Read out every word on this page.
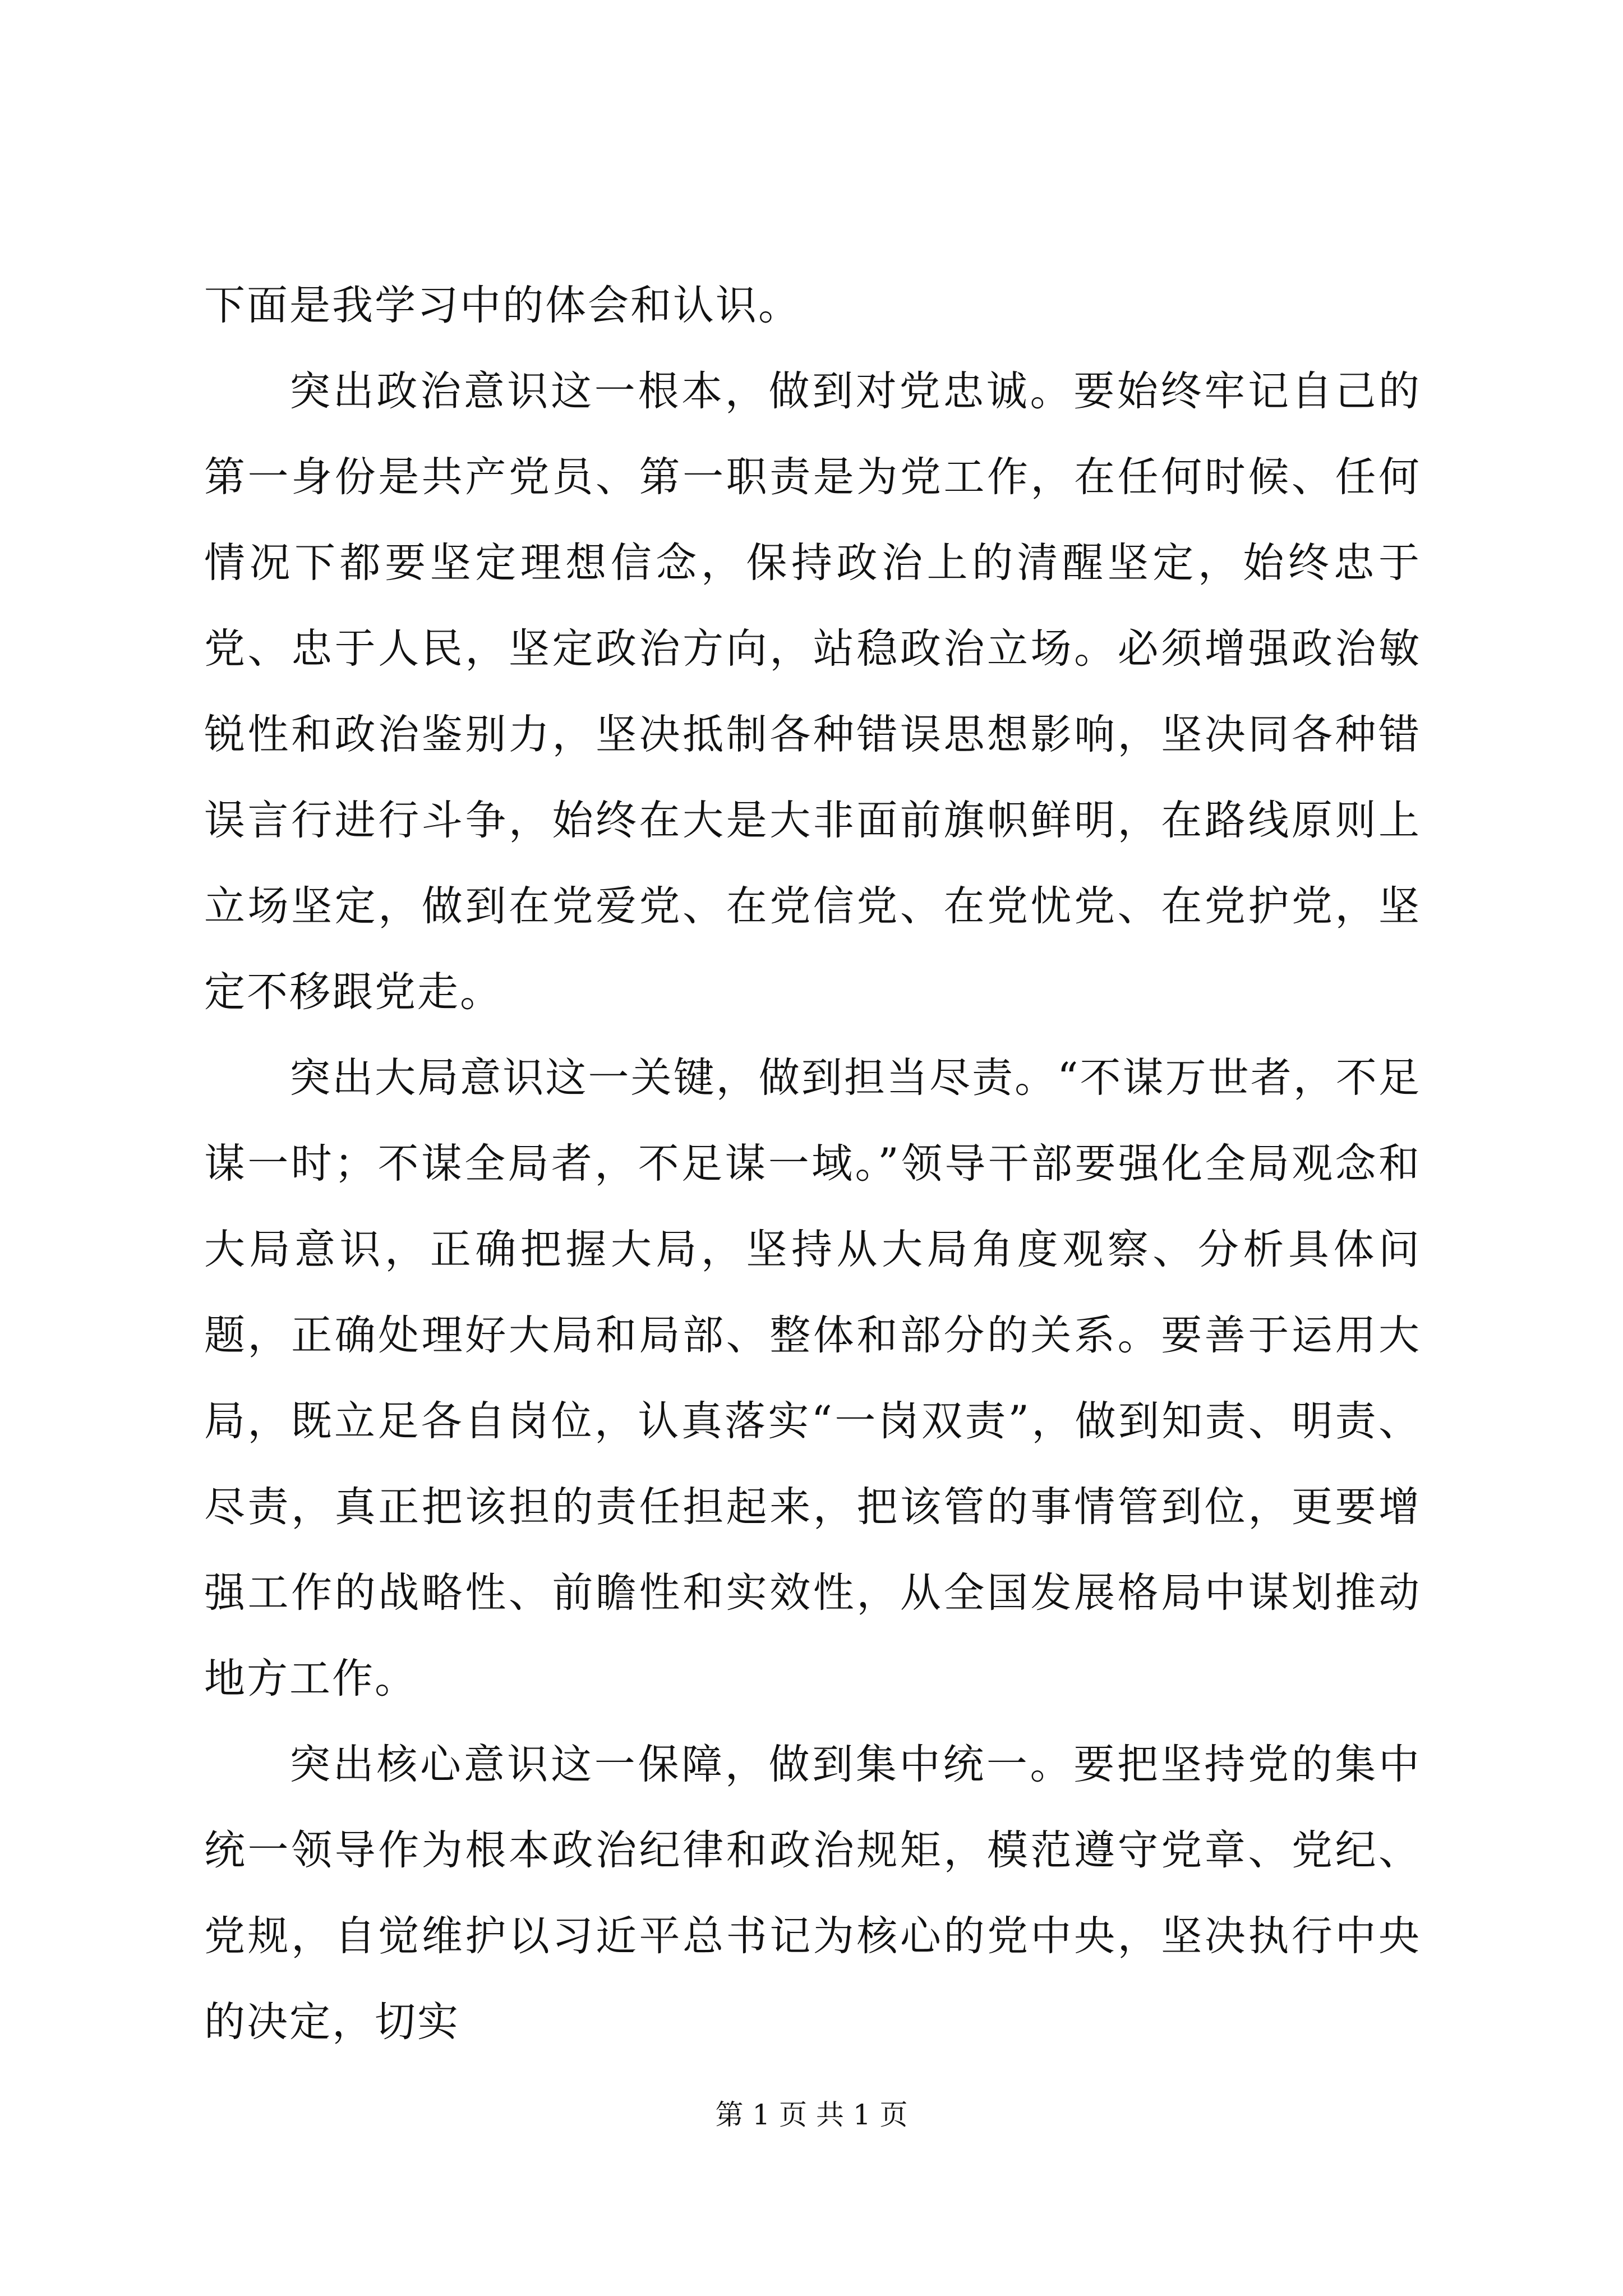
下面是我学习中的体会和认识。

突出政治意识这一根本，做到对党忠诚。要始终牢记自己的第一身份是共产党员、第一职责是为党工作，在任何时候、任何情况下都要坚定理想信念，保持政治上的清醒坚定，始终忠于党、忠于人民，坚定政治方向，站稳政治立场。必须增强政治敏锐性和政治鉴别力，坚决抵制各种错误思想影响，坚决同各种错误言行进行斗争，始终在大是大非面前旗帜鲜明，在路线原则上立场坚定，做到在党爱党、在党信党、在党忧党、在党护党，坚定不移跟党走。

突出大局意识这一关键，做到担当尽责。“不谋万世者，不足谋一时；不谋全局者，不足谋一域。”领导干部要强化全局观念和大局意识，正确把握大局，坚持从大局角度观察、分析具体问题，正确处理好大局和局部、整体和部分的关系。要善于运用大局，既立足各自岗位，认真落实“一岗双责”，做到知责、明责、尽责，真正把该担的责任担起来，把该管的事情管到位，更要增强工作的战略性、前瞻性和实效性，从全国发展格局中谋划推动地方工作。

突出核心意识这一保障，做到集中统一。要把坚持党的集中统一领导作为根本政治纪律和政治规矩，模范遵守党章、党纪、党规，自觉维护以习近平总书记为核心的党中央，坚决执行中央的决定，切实

第 1 页 共 1 页
